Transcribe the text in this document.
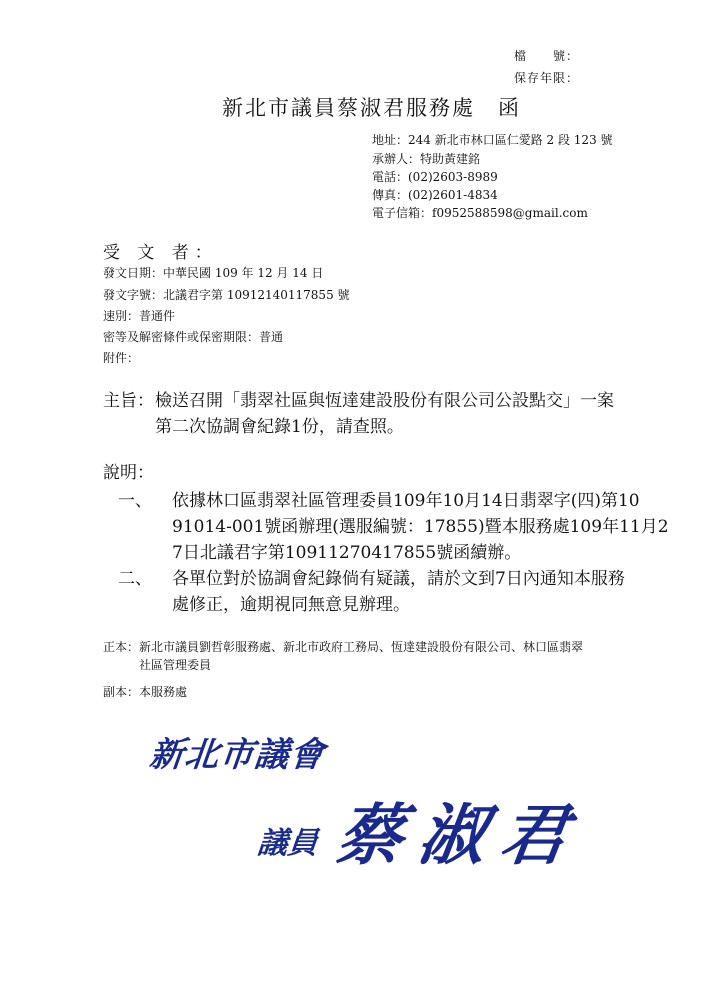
檔　　號：
保存年限：
新北市議員蔡淑君服務處　函
地址：244 新北市林口區仁愛路 2 段 123 號
承辦人：特助黃建銘
電話：(02)2603-8989
傳真：(02)2601-4834
電子信箱：f0952588598@gmail.com
受 文 者：
發文日期：中華民國 109 年 12 月 14 日
發文字號：北議君字第 10912140117855 號
速別：普通件
密等及解密條件或保密期限：普通
附件：
主旨： 檢送召開「翡翠社區與恆達建設股份有限公司公設點交」一案
第二次協調會紀錄1份，請查照。
說明：
一、 依據林口區翡翠社區管理委員109年10月14日翡翠字(四)第10
91014-001號函辦理(選服編號：17855)暨本服務處109年11月2
7日北議君字第10911270417855號函續辦。
二、 各單位對於協調會紀錄倘有疑議，請於文到7日內通知本服務
處修正，逾期視同無意見辦理。
正本：新北市議員劉哲彰服務處、新北市政府工務局、恆達建設股份有限公司、林口區翡翠
社區管理委員
副本：本服務處
新北市議會
議員 蔡淑君
